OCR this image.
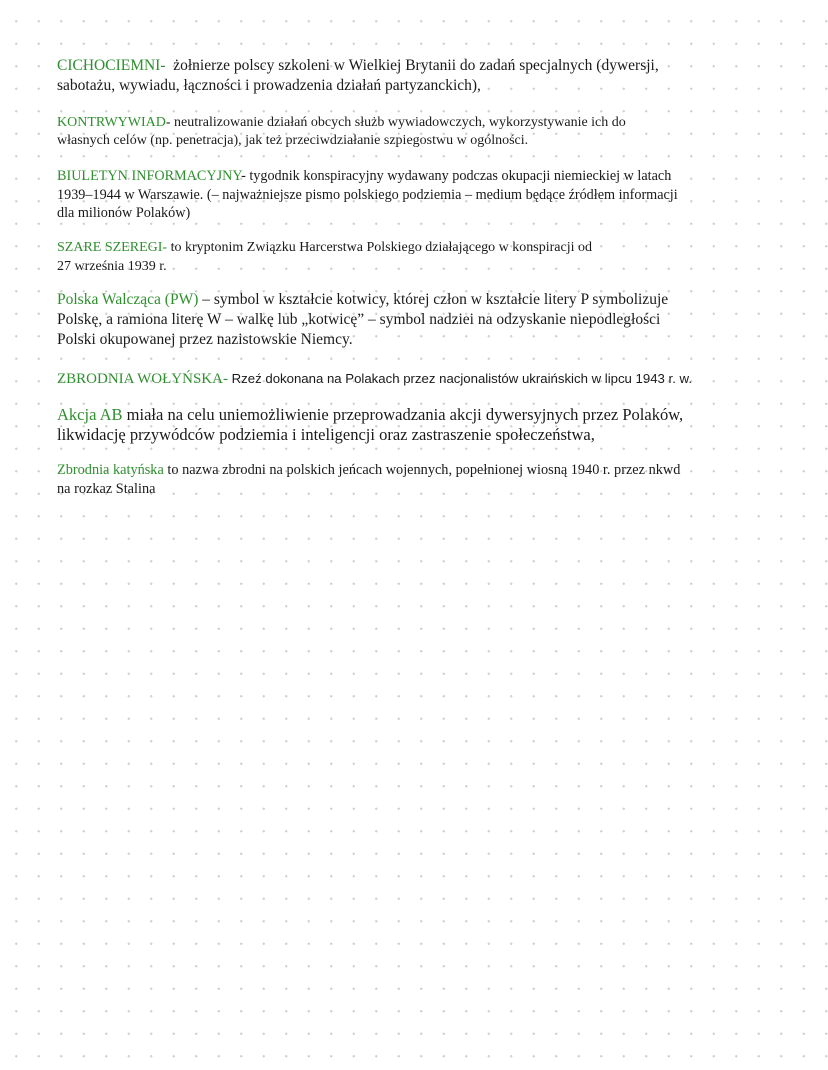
CICHOCIEMNI-  żołnierze polscy szkoleni w Wielkiej Brytanii do zadań specjalnych (dywersji,
sabotażu, wywiadu, łączności i prowadzenia działań partyzanckich),
KONTRWYWIAD- neutralizowanie działań obcych służb wywiadowczych, wykorzystywanie ich do
własnych celów (np. penetracja), jak też przeciwdziałanie szpiegostwu w ogólności.
BIULETYN INFORMACYJNY- tygodnik konspiracyjny wydawany podczas okupacji niemieckiej w latach
1939–1944 w Warszawie. (– najważniejsze pismo polskiego podziemia – medium będące źródłem informacji
dla milionów Polaków)
SZARE SZEREGI- to kryptonim Związku Harcerstwa Polskiego działającego w konspiracji od
27 września 1939 r.
Polska Walcząca (PW) – symbol w kształcie kotwicy, której człon w kształcie litery P symbolizuje
Polskę, a ramiona literę W – walkę lub „kotwicę” – symbol nadziei na odzyskanie niepodległości
Polski okupowanej przez nazistowskie Niemcy.
ZBRODNIA WOŁYŃSKA- Rzeź dokonana na Polakach przez nacjonalistów ukraińskich w lipcu 1943 r. w.
Akcja AB miała na celu uniemożliwienie przeprowadzania akcji dywersyjnych przez Polaków,
likwidację przywódców podziemia i inteligencji oraz zastraszenie społeczeństwa,
Zbrodnia katyńska to nazwa zbrodni na polskich jeńcach wojennych, popełnionej wiosną 1940 r. przez nkwd
na rozkaz Stalina
